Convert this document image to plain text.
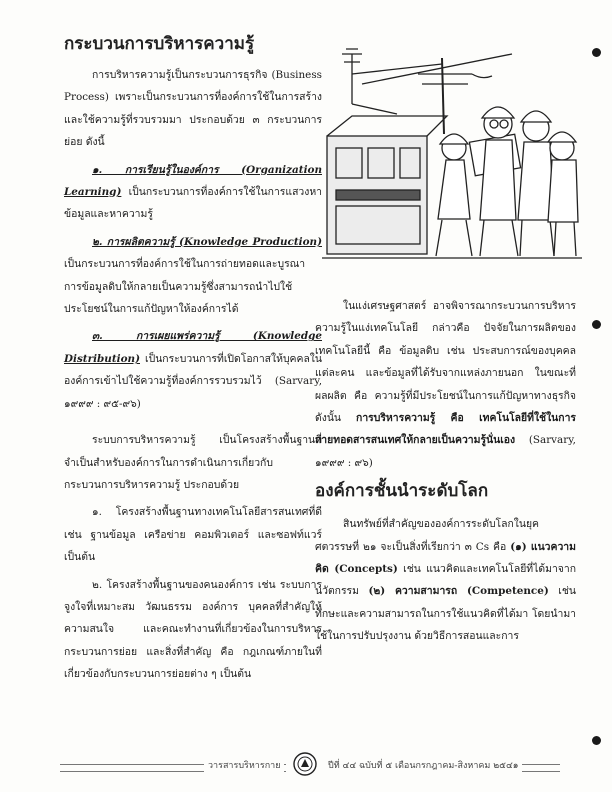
กระบวนการบริหารความรู้

การบริหารความรู้เป็นกระบวนการธุรกิจ (Business Process) เพราะเป็นกระบวนการที่องค์การใช้ในการสร้างและใช้ความรู้ที่รวบรวมมา ประกอบด้วย ๓ กระบวนการย่อย ดังนี้

๑. การเรียนรู้ในองค์การ (Organization Learning) เป็นกระบวนการที่องค์การใช้ในการแสวงหาข้อมูลและหาความรู้

๒. การผลิตความรู้ (Knowledge Production) เป็นกระบวนการที่องค์การใช้ในการถ่ายทอดและบูรณาการข้อมูลดิบให้กลายเป็นความรู้ซึ่งสามารถนำไปใช้ประโยชน์ในการแก้ปัญหาให้องค์การได้

๓. การเผยแพร่ความรู้ (Knowledge Distribution) เป็นกระบวนการที่เปิดโอกาสให้บุคคลในองค์การเข้าไปใช้ความรู้ที่องค์การรวบรวมไว้ (Sarvary, ๑๙๙๙ : ๙๕-๙๖)

ระบบการบริหารความรู้ เป็นโครงสร้างพื้นฐานที่จำเป็นสำหรับองค์การในการดำเนินการเกี่ยวกับกระบวนการบริหารความรู้ ประกอบด้วย

๑. โครงสร้างพื้นฐานทางเทคโนโลยีสารสนเทศที่ดี เช่น ฐานข้อมูล เครือข่าย คอมพิวเตอร์ และซอฟท์แวร์ เป็นต้น

๒. โครงสร้างพื้นฐานของคนองค์การ เช่น ระบบการจูงใจที่เหมาะสม วัฒนธรรม องค์การ บุคคลที่สำคัญให้ความสนใจ และคณะทำงานที่เกี่ยวข้องในการบริหารกระบวนการย่อย และสิ่งที่สำคัญ คือ กฎเกณฑ์ภายในที่เกี่ยวข้องกับกระบวนการย่อยต่าง ๆ เป็นต้น

ในแง่เศรษฐศาสตร์ อาจพิจารณากระบวนการบริหารความรู้ในแง่เทคโนโลยี กล่าวคือ ปัจจัยในการผลิตของเทคโนโลยีนี้ คือ ข้อมูลดิบ เช่น ประสบการณ์ของบุคคลแต่ละคน และข้อมูลที่ได้รับจากแหล่งภายนอก ในขณะที่ผลผลิต คือ ความรู้ที่มีประโยชน์ในการแก้ปัญหาทางธุรกิจ ดังนั้น การบริหารความรู้ คือ เทคโนโลยีที่ใช้ในการถ่ายทอดสารสนเทศให้กลายเป็นความรู้นั่นเอง (Sarvary, ๑๙๙๙ : ๙๖)

องค์การชั้นนำระดับโลก

สินทรัพย์ที่สำคัญขององค์การระดับโลกในยุคศตวรรษที่ ๒๑ จะเป็นสิ่งที่เรียกว่า ๓ Cs คือ (๑) แนวความคิด (Concepts) เช่น แนวคิดและเทคโนโลยีที่ได้มาจากนวัตกรรม (๒) ความสามารถ (Competence) เช่น ทักษะและความสามารถในการใช้แนวคิดที่ได้มา โดยนำมาใช้ในการปรับปรุงงาน ด้วยวิธีการสอนและการ

วารสารบริหารกาย	ปีที่ ๔๔ ฉบับที่ ๕ เดือนกรกฎาคม-สิงหาคม ๒๕๔๑
